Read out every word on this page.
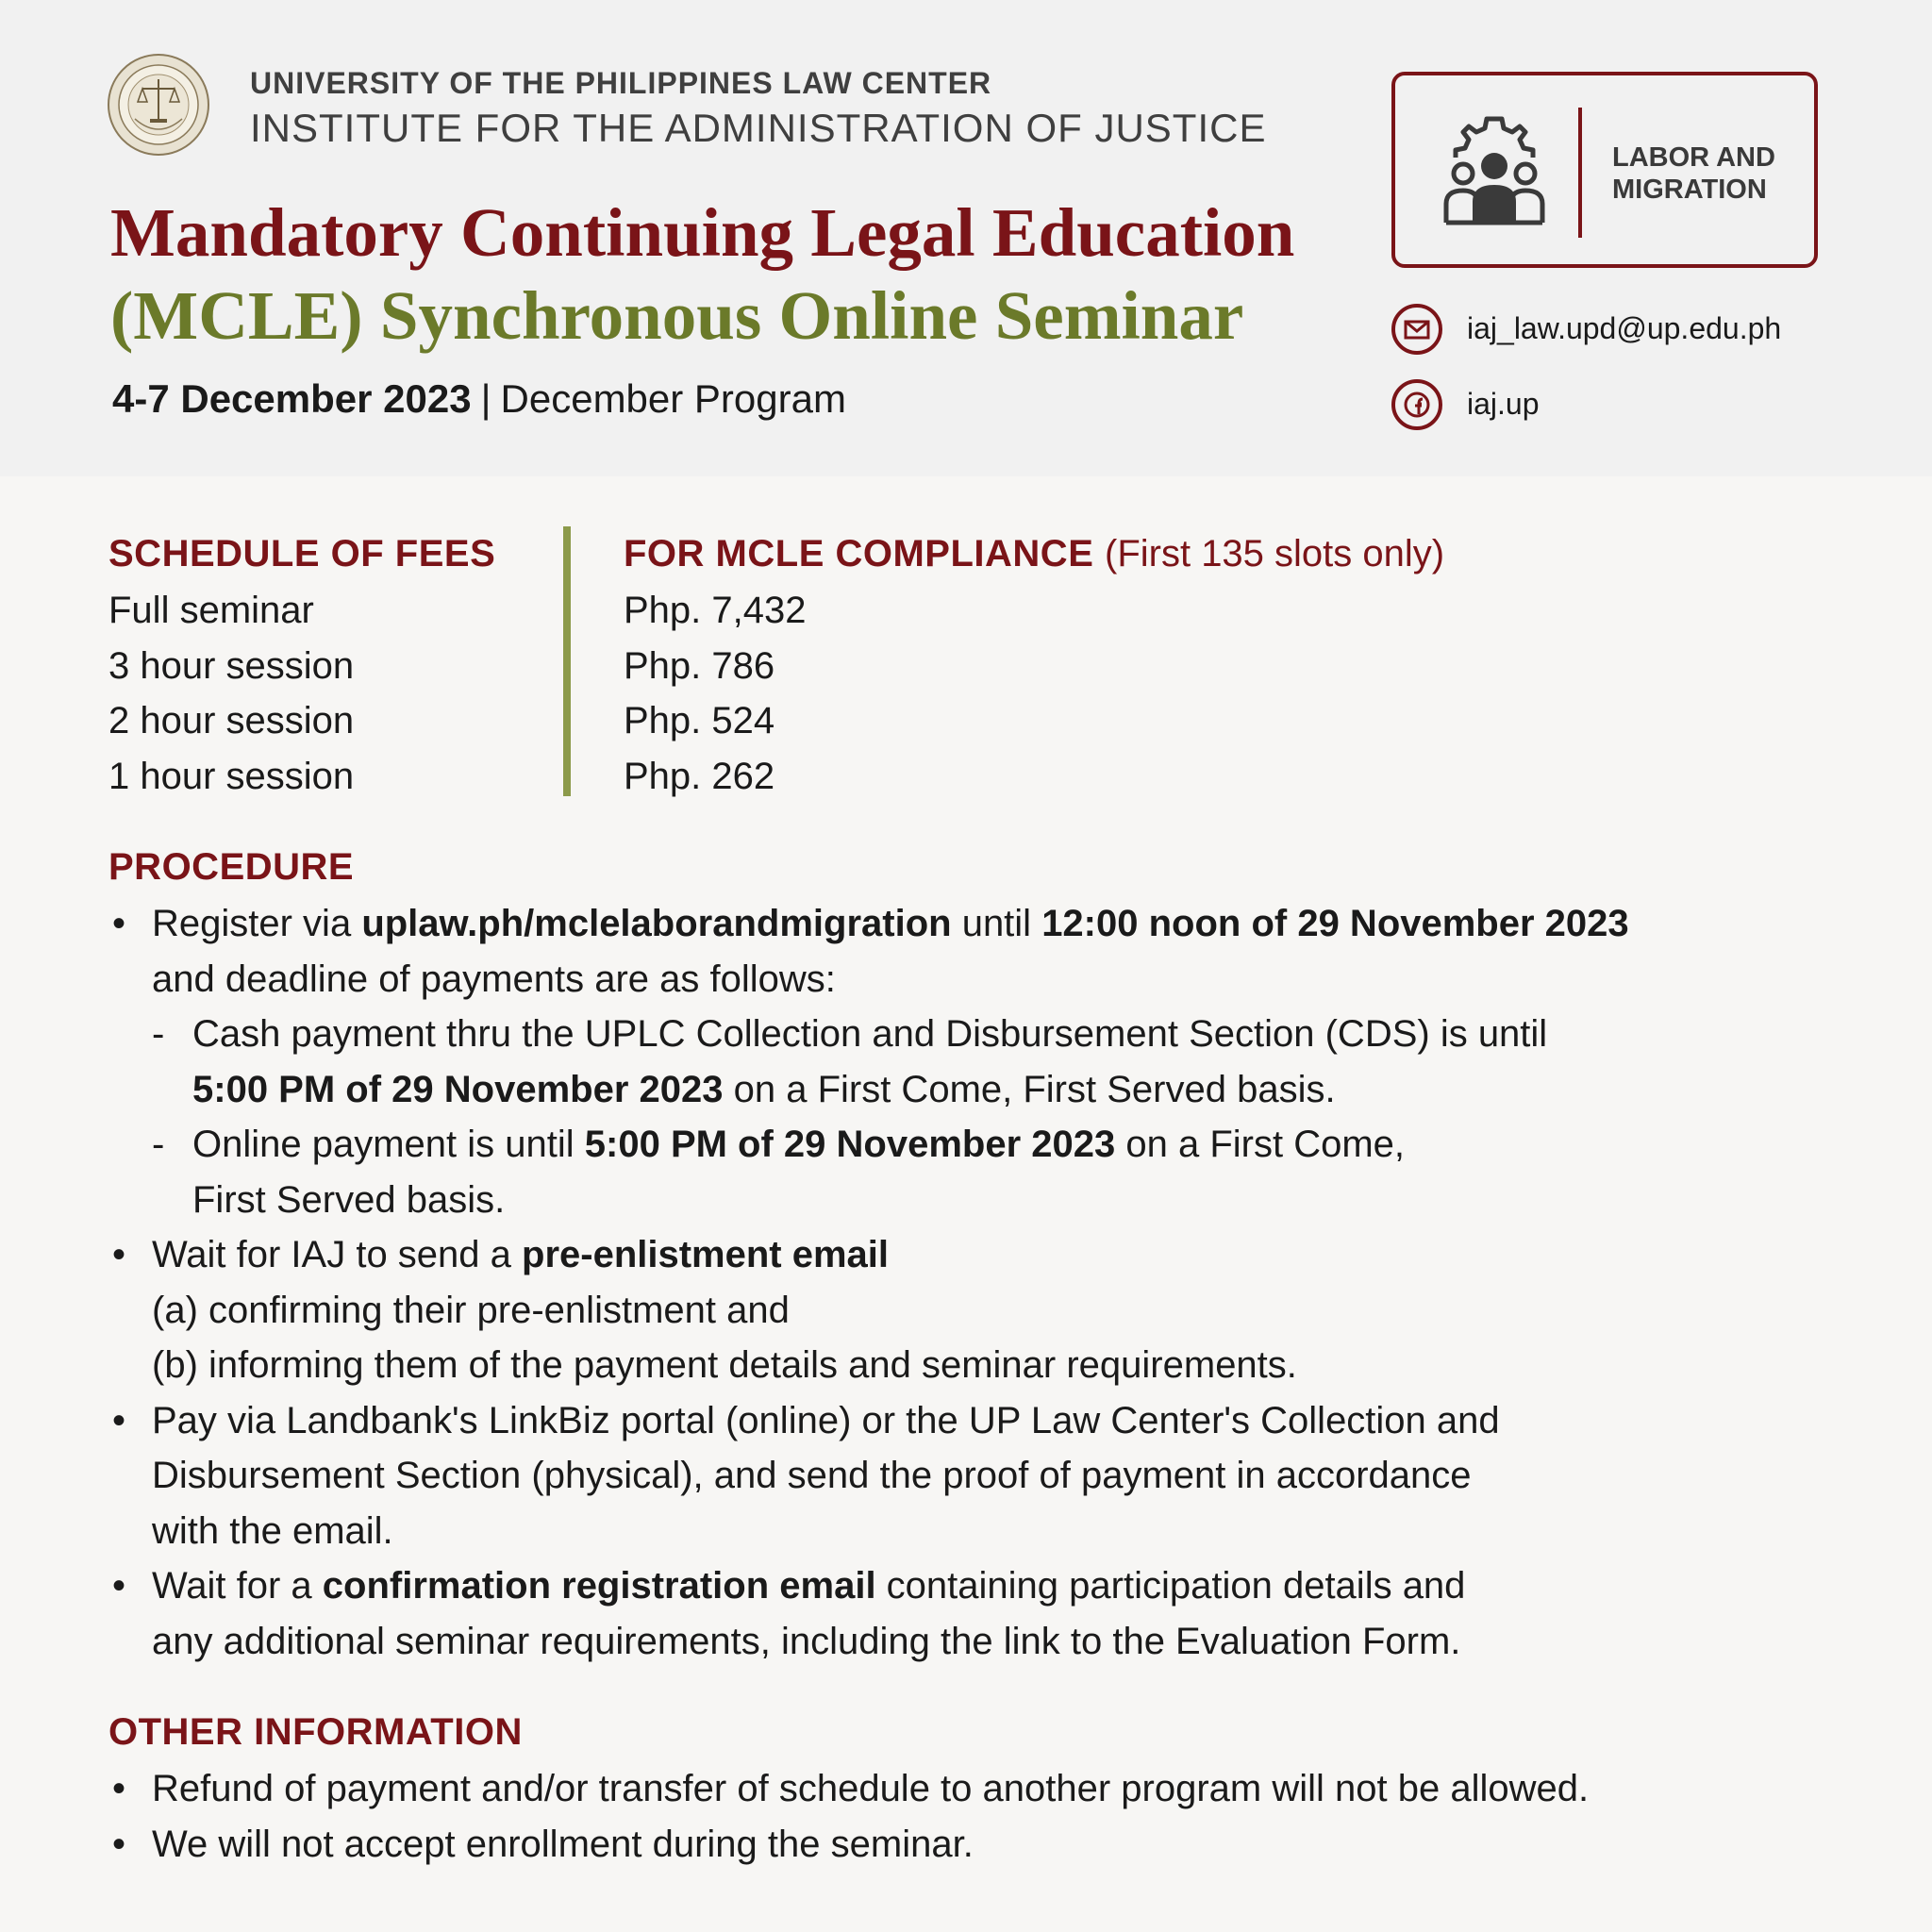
UNIVERSITY OF THE PHILIPPINES LAW CENTER
INSTITUTE FOR THE ADMINISTRATION OF JUSTICE
Mandatory Continuing Legal Education
(MCLE) Synchronous Online Seminar
4-7 December 2023 | December Program
LABOR AND
MIGRATION
iaj_law.upd@up.edu.ph
iaj.up
SCHEDULE OF FEES
Full seminar
3 hour session
2 hour session
1 hour session
FOR MCLE COMPLIANCE (First 135 slots only)
Php. 7,432
Php. 786
Php. 524
Php. 262
PROCEDURE
• Register via uplaw.ph/mclelaborandmigration until 12:00 noon of 29 November 2023
and deadline of payments are as follows:
- Cash payment thru the UPLC Collection and Disbursement Section (CDS) is until
5:00 PM of 29 November 2023 on a First Come, First Served basis.
- Online payment is until 5:00 PM of 29 November 2023 on a First Come,
First Served basis.
• Wait for IAJ to send a pre-enlistment email
(a) confirming their pre-enlistment and
(b) informing them of the payment details and seminar requirements.
• Pay via Landbank's LinkBiz portal (online) or the UP Law Center's Collection and
Disbursement Section (physical), and send the proof of payment in accordance
with the email.
• Wait for a confirmation registration email containing participation details and
any additional seminar requirements, including the link to the Evaluation Form.
OTHER INFORMATION
• Refund of payment and/or transfer of schedule to another program will not be allowed.
• We will not accept enrollment during the seminar.
